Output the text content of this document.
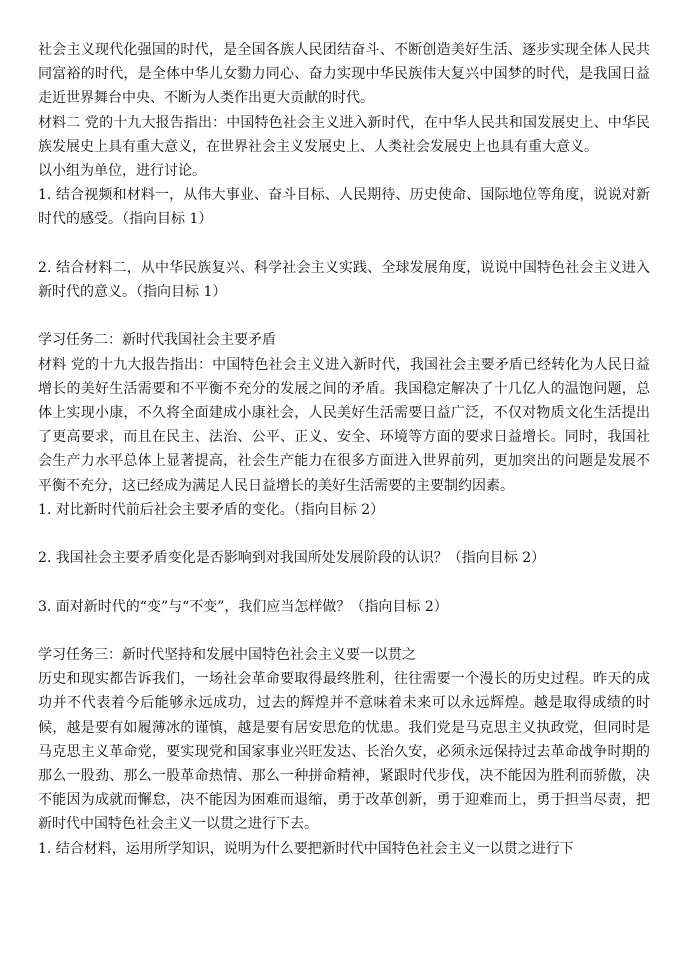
社会主义现代化强国的时代，是全国各族人民团结奋斗、不断创造美好生活、逐步实现全体人民共同富裕的时代，是全体中华儿女勠力同心、奋力实现中华民族伟大复兴中国梦的时代，是我国日益走近世界舞台中央、不断为人类作出更大贡献的时代。

材料二 党的十九大报告指出：中国特色社会主义进入新时代，在中华人民共和国发展史上、中华民族发展史上具有重大意义，在世界社会主义发展史上、人类社会发展史上也具有重大意义。

以小组为单位，进行讨论。

1. 结合视频和材料一，从伟大事业、奋斗目标、人民期待、历史使命、国际地位等角度，说说对新时代的感受。（指向目标 1）

2. 结合材料二，从中华民族复兴、科学社会主义实践、全球发展角度，说说中国特色社会主义进入新时代的意义。（指向目标 1）

学习任务二：新时代我国社会主要矛盾

材料 党的十九大报告指出：中国特色社会主义进入新时代，我国社会主要矛盾已经转化为人民日益增长的美好生活需要和不平衡不充分的发展之间的矛盾。我国稳定解决了十几亿人的温饱问题，总体上实现小康，不久将全面建成小康社会，人民美好生活需要日益广泛，不仅对物质文化生活提出了更高要求，而且在民主、法治、公平、正义、安全、环境等方面的要求日益增长。同时，我国社会生产力水平总体上显著提高，社会生产能力在很多方面进入世界前列，更加突出的问题是发展不平衡不充分，这已经成为满足人民日益增长的美好生活需要的主要制约因素。

1. 对比新时代前后社会主要矛盾的变化。（指向目标 2）

2. 我国社会主要矛盾变化是否影响到对我国所处发展阶段的认识？（指向目标 2）

3. 面对新时代的“变”与“不变”，我们应当怎样做？（指向目标 2）

学习任务三：新时代坚持和发展中国特色社会主义要一以贯之

历史和现实都告诉我们，一场社会革命要取得最终胜利，往往需要一个漫长的历史过程。昨天的成功并不代表着今后能够永远成功，过去的辉煌并不意味着未来可以永远辉煌。越是取得成绩的时候，越是要有如履薄冰的谨慎，越是要有居安思危的忧患。我们党是马克思主义执政党，但同时是马克思主义革命党，要实现党和国家事业兴旺发达、长治久安，必须永远保持过去革命战争时期的那么一股劲、那么一股革命热情、那么一种拼命精神，紧跟时代步伐，决不能因为胜利而骄傲，决不能因为成就而懈怠，决不能因为困难而退缩，勇于改革创新，勇于迎难而上，勇于担当尽责，把新时代中国特色社会主义一以贯之进行下去。

1. 结合材料，运用所学知识，说明为什么要把新时代中国特色社会主义一以贯之进行下
